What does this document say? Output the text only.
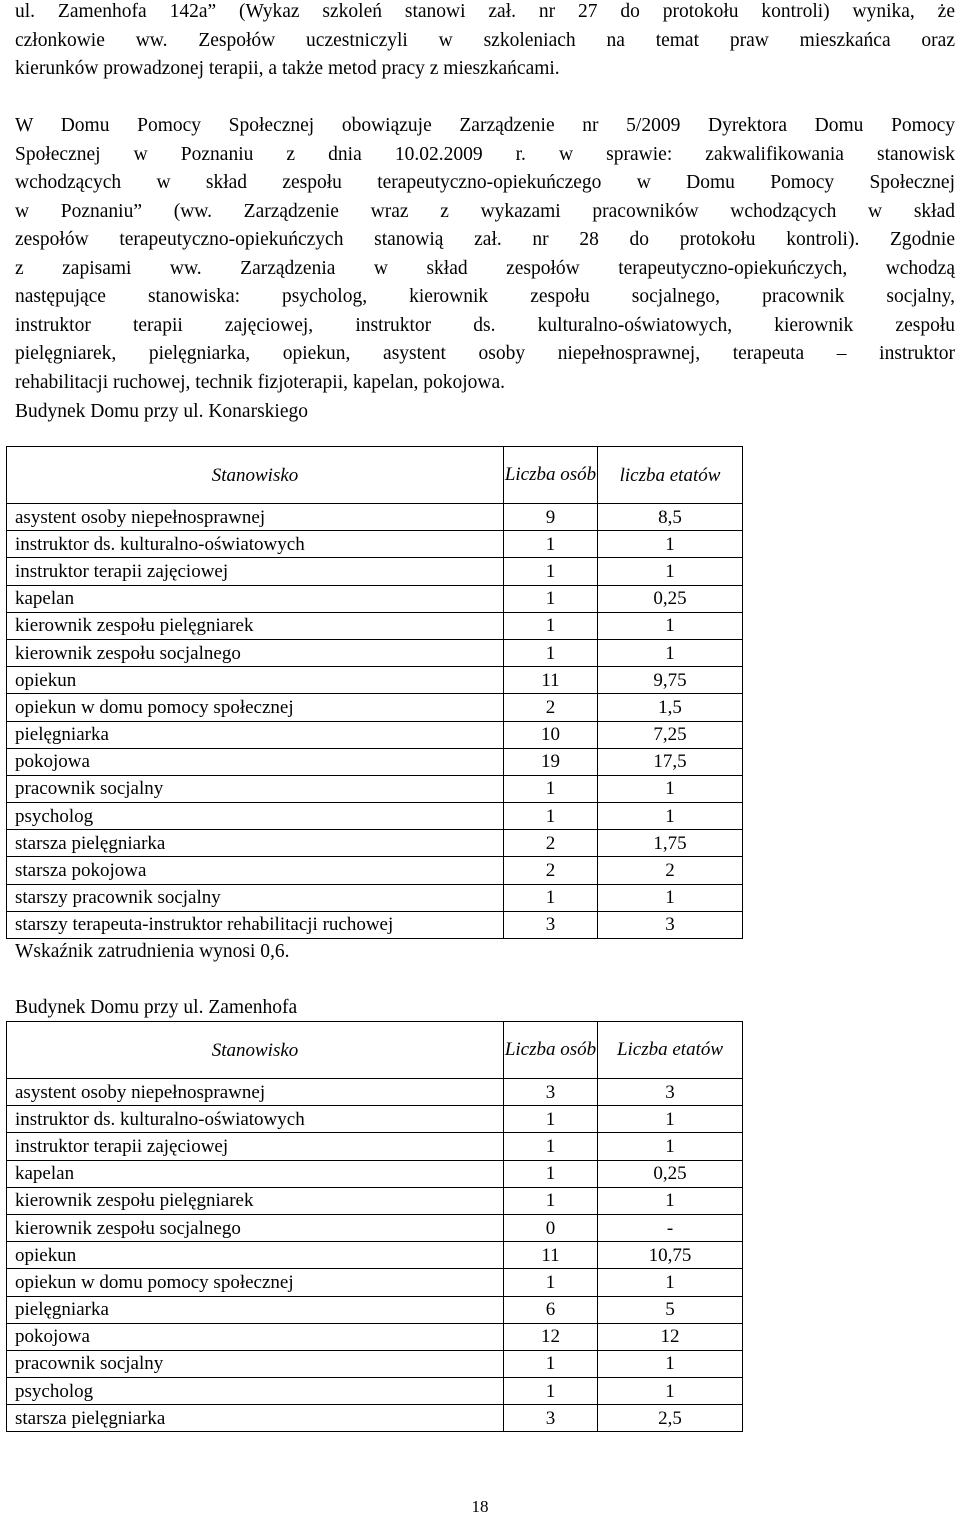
ul. Zamenhofa 142a” (Wykaz szkoleń stanowi zał. nr 27 do protokołu kontroli) wynika, że

członkowie ww. Zespołów uczestniczyli w szkoleniach na temat praw mieszkańca oraz

kierunków prowadzonej terapii, a także metod pracy z mieszkańcami.

W Domu Pomocy Społecznej obowiązuje Zarządzenie nr 5/2009 Dyrektora Domu Pomocy

Społecznej w Poznaniu z dnia 10.02.2009 r. w sprawie: zakwalifikowania stanowisk

wchodzących w skład zespołu terapeutyczno-opiekuńczego w Domu Pomocy Społecznej

w Poznaniu” (ww. Zarządzenie wraz z wykazami pracowników wchodzących w skład

zespołów terapeutyczno-opiekuńczych stanowią zał. nr 28 do protokołu kontroli). Zgodnie

z zapisami ww. Zarządzenia w skład zespołów terapeutyczno-opiekuńczych, wchodzą

następujące stanowiska: psycholog, kierownik zespołu socjalnego, pracownik socjalny,

instruktor terapii zajęciowej, instruktor ds. kulturalno-oświatowych, kierownik zespołu

pielęgniarek, pielęgniarka, opiekun, asystent osoby niepełnosprawnej, terapeuta – instruktor

rehabilitacji ruchowej, technik fizjoterapii, kapelan, pokojowa.

Budynek Domu przy ul. Konarskiego
Stanowisko	Liczba osób	liczba etatów
asystent osoby niepełnosprawnej	9	8,5
instruktor ds. kulturalno-oświatowych	1	1
instruktor terapii zajęciowej	1	1
kapelan	1	0,25
kierownik zespołu pielęgniarek	1	1
kierownik zespołu socjalnego	1	1
opiekun	11	9,75
opiekun w domu pomocy społecznej	2	1,5
pielęgniarka	10	7,25
pokojowa	19	17,5
pracownik socjalny	1	1
psycholog	1	1
starsza pielęgniarka	2	1,75
starsza pokojowa	2	2
starszy pracownik socjalny	1	1
starszy terapeuta-instruktor rehabilitacji ruchowej	3	3
Wskaźnik zatrudnienia wynosi 0,6.
Budynek Domu przy ul. Zamenhofa
Stanowisko	Liczba osób	Liczba etatów
asystent osoby niepełnosprawnej	3	3
instruktor ds. kulturalno-oświatowych	1	1
instruktor terapii zajęciowej	1	1
kapelan	1	0,25
kierownik zespołu pielęgniarek	1	1
kierownik zespołu socjalnego	0	-
opiekun	11	10,75
opiekun w domu pomocy społecznej	1	1
pielęgniarka	6	5
pokojowa	12	12
pracownik socjalny	1	1
psycholog	1	1
starsza pielęgniarka	3	2,5
18
